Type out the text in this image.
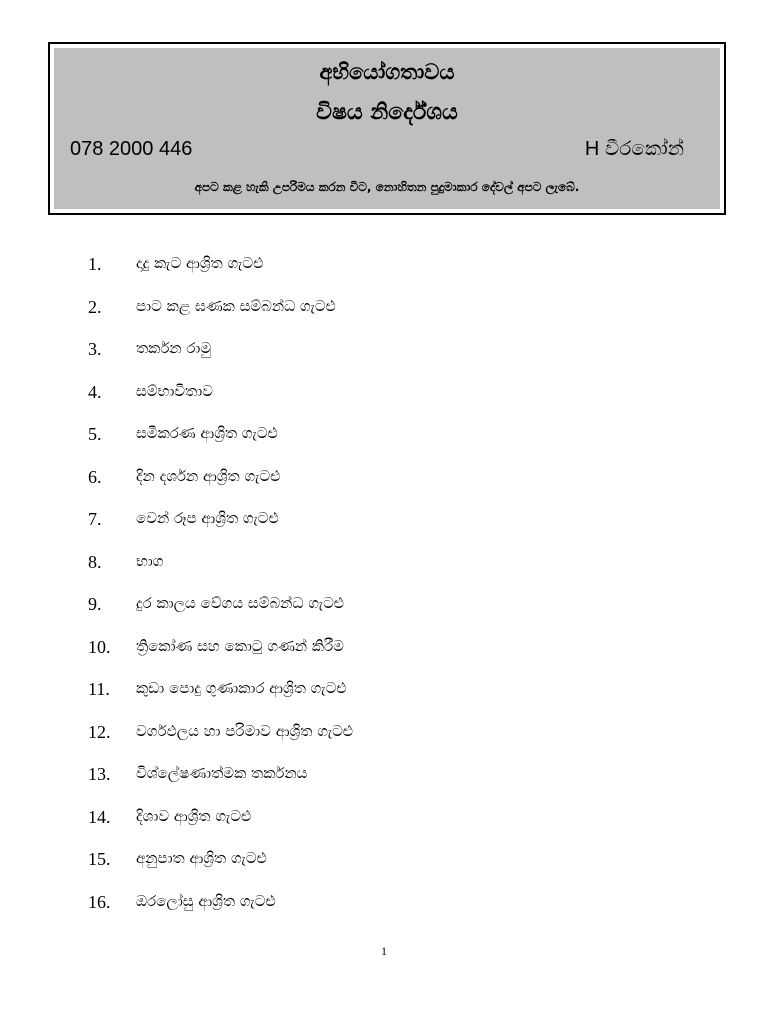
අභියෝගතාවය
විෂය නිර්දේශය
078 2000 446	H වීරකෝන්
අපට කළ හැකි උපරිමය කරන විට, නොහිතන පුදුමාකාර දේවල් අපට ලැබේ.
1.	දාදු කැට ආශ්‍රිත ගැටළු
2.	පාට කළ ඝණක සම්බන්ධ ගැටළු
3.	තර්කන රාමු
4.	සම්භාවිතාව
5.	සමීකරණ ආශ්‍රිත ගැටළු
6.	දින දර්ශන ආශ්‍රිත ගැටළු
7.	වෙන් රූප ආශ්‍රිත ගැටළු
8.	භාග
9.	දුර කාලය වේගය සම්බන්ධ ගැටළු
10.	ත්‍රිකෝණ සහ කොටු ගණන් කිරීම
11.	කුඩා පොදු ගුණාකාර ආශ්‍රිත ගැටළු
12.	වර්ගඵලය හා පරිමාව ආශ්‍රිත ගැටළු
13.	විශ්ලේෂණාත්මක තර්කනය
14.	දිශාව ආශ්‍රිත ගැටළු
15.	අනුපාත ආශ්‍රිත ගැටළු
16.	ඔරලෝසු ආශ්‍රිත ගැටළු
1
